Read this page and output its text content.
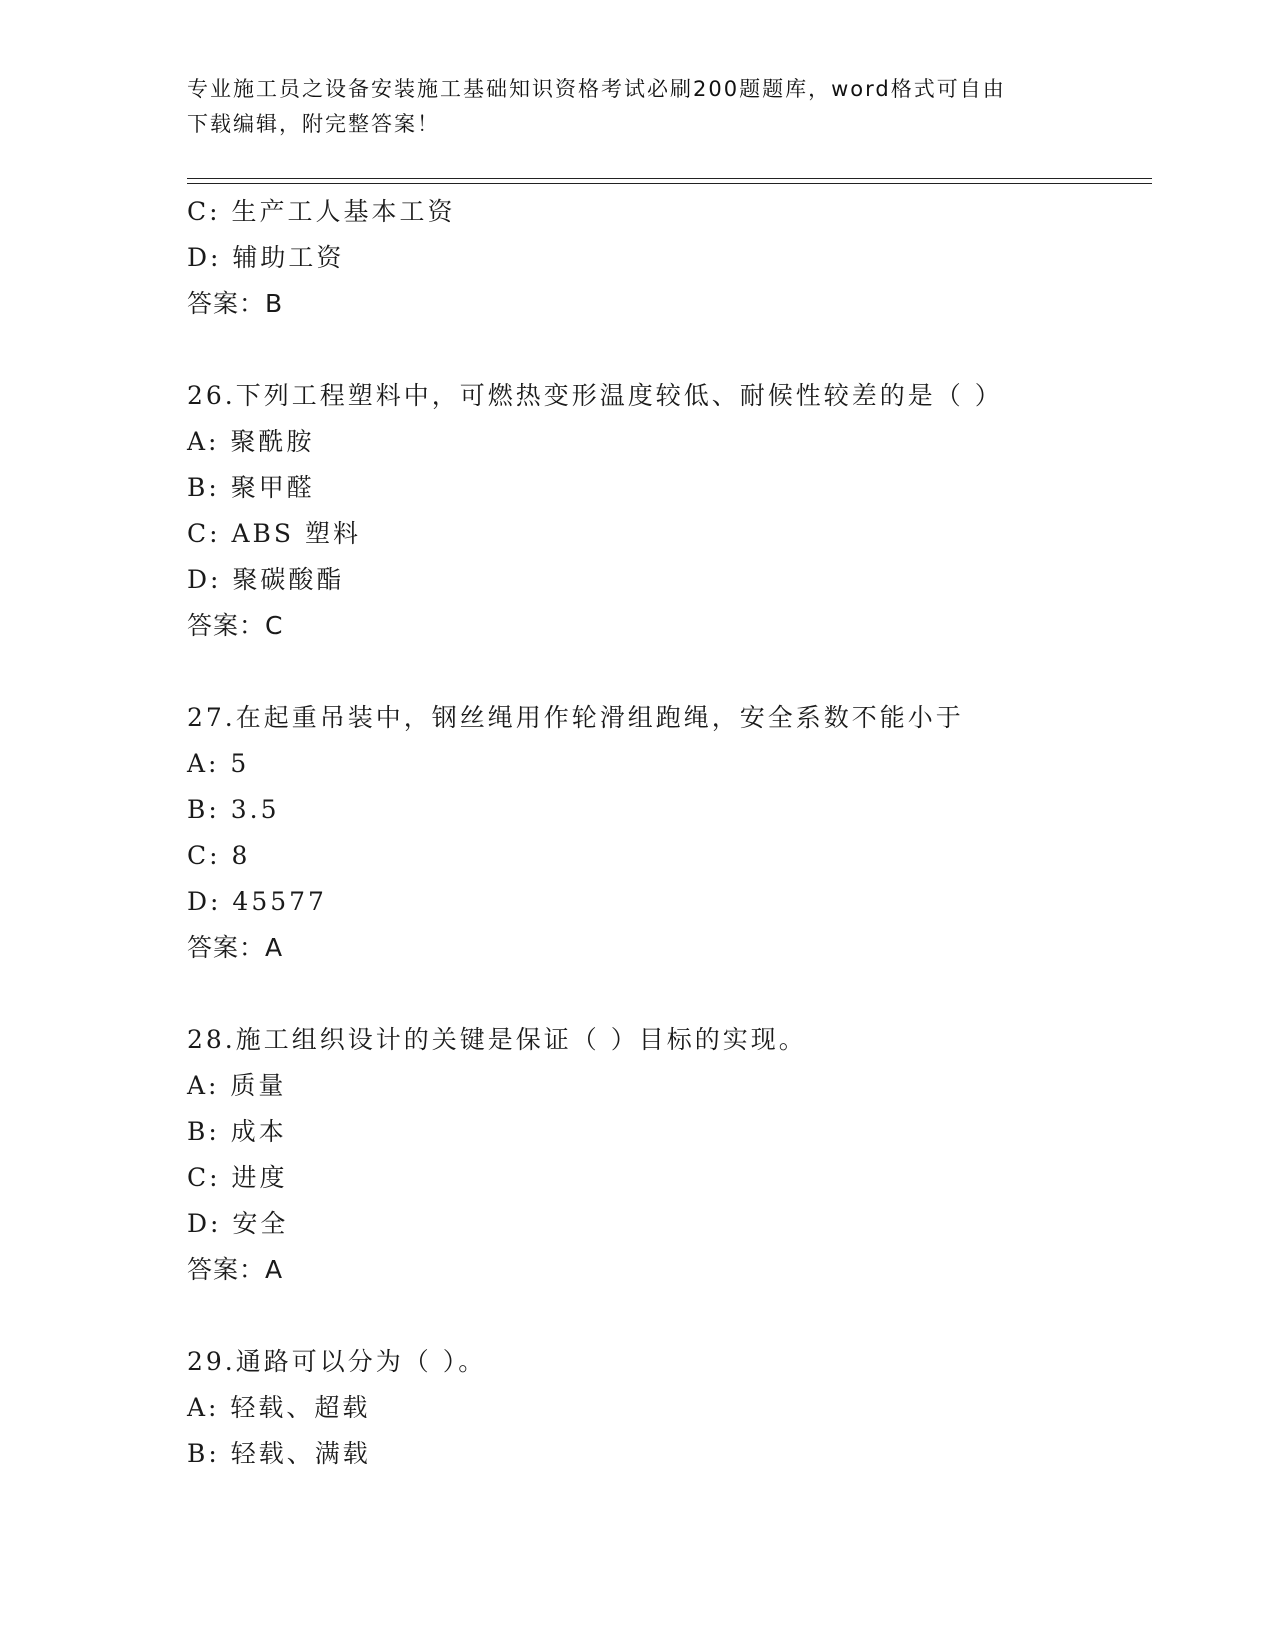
专业施工员之设备安装施工基础知识资格考试必刷200题题库，word格式可自由
下载编辑，附完整答案！
C: 生产工人基本工资
D: 辅助工资
答案：B
26.下列工程塑料中，可燃热变形温度较低、耐候性较差的是（ ）
A: 聚酰胺
B: 聚甲醛
C: ABS 塑料
D: 聚碳酸酯
答案：C
27.在起重吊装中，钢丝绳用作轮滑组跑绳，安全系数不能小于
A: 5
B: 3.5
C: 8
D: 45577
答案：A
28.施工组织设计的关键是保证（ ）目标的实现。
A: 质量
B: 成本
C: 进度
D: 安全
答案：A
29.通路可以分为（ ）。
A: 轻载、超载
B: 轻载、满载
